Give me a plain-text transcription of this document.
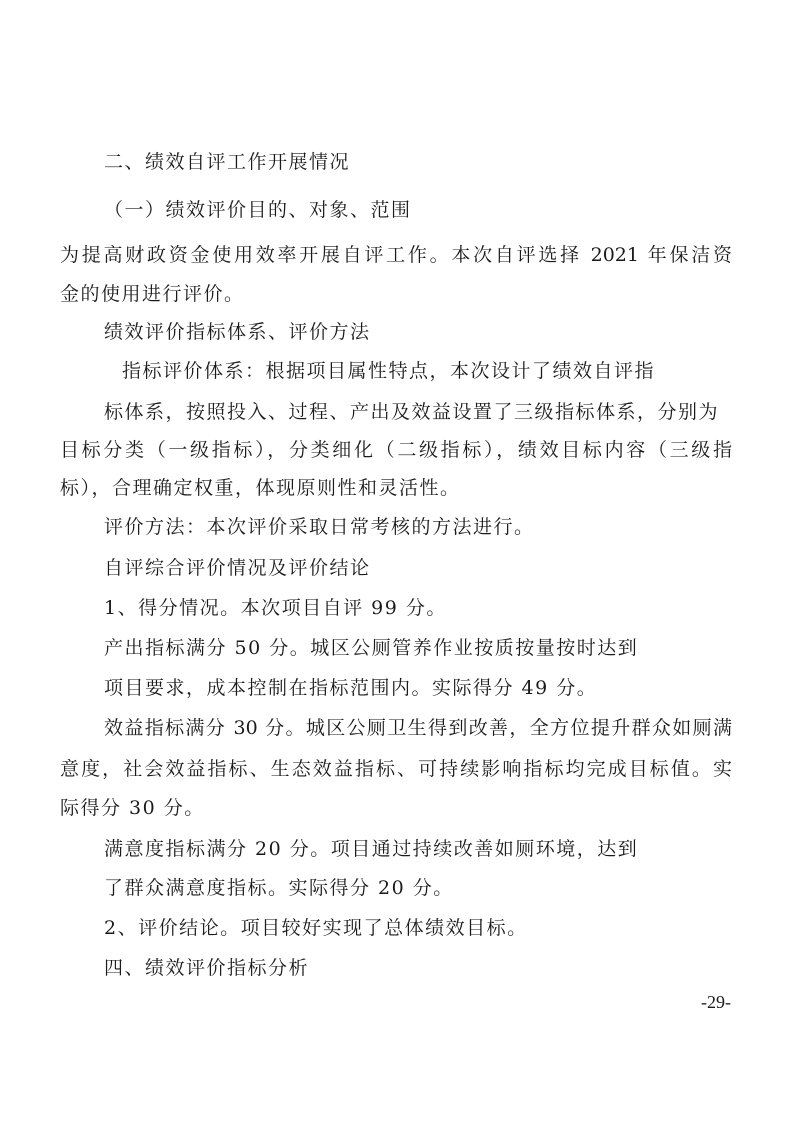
二、绩效自评工作开展情况
（一）绩效评价目的、对象、范围
为提高财政资金使用效率开展自评工作。本次自评选择 2021 年保洁资
金的使用进行评价。
绩效评价指标体系、评价方法
指标评价体系：根据项目属性特点，本次设计了绩效自评指
标体系，按照投入、过程、产出及效益设置了三级指标体系，分别为
目标分类（一级指标），分类细化（二级指标），绩效目标内容（三级指
标），合理确定权重，体现原则性和灵活性。
评价方法：本次评价采取日常考核的方法进行。
自评综合评价情况及评价结论
1、得分情况。本次项目自评 99 分。
产出指标满分 50 分。城区公厕管养作业按质按量按时达到
项目要求，成本控制在指标范围内。实际得分 49 分。
效益指标满分 30 分。城区公厕卫生得到改善，全方位提升群众如厕满
意度，社会效益指标、生态效益指标、可持续影响指标均完成目标值。实
际得分 30 分。
满意度指标满分 20 分。项目通过持续改善如厕环境，达到
了群众满意度指标。实际得分 20 分。
2、评价结论。项目较好实现了总体绩效目标。
四、绩效评价指标分析
-29-
